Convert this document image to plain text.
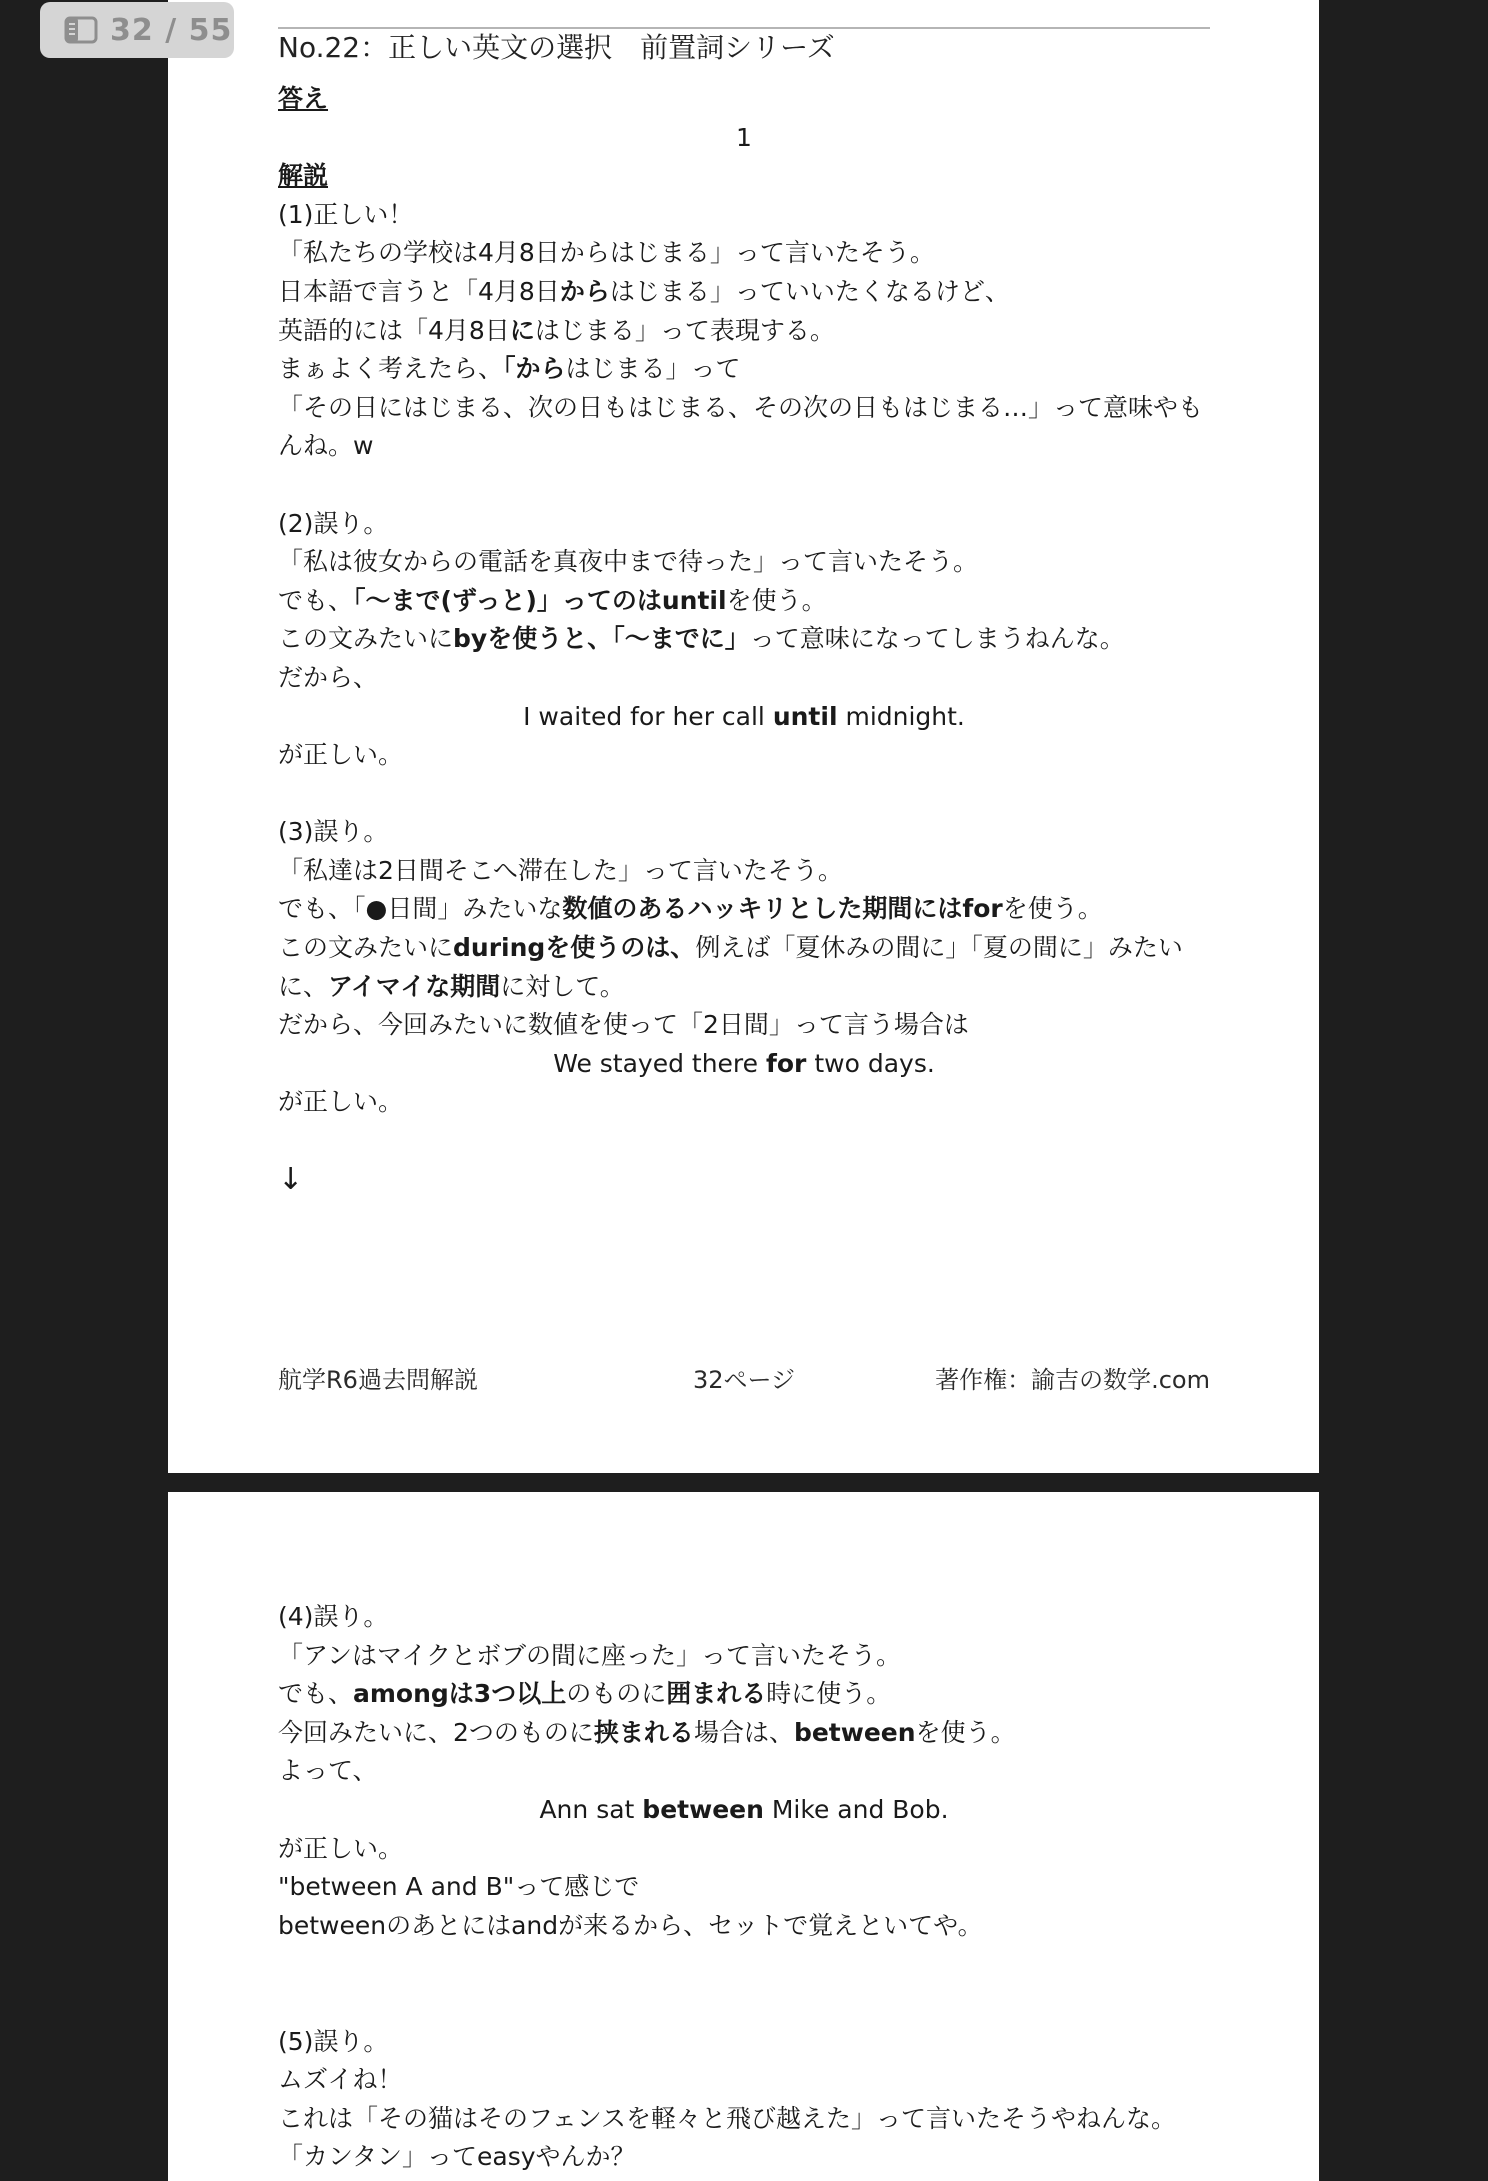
32 / 55 No.22：正しい英文の選択　前置詞シリーズ
答え
1
解説
(1)正しい！
「私たちの学校は4月8日からはじまる」って言いたそう。
日本語で言うと「4月8日からはじまる」っていいたくなるけど、
英語的には「4月8日にはじまる」って表現する。
まぁよく考えたら、「からはじまる」って
「その日にはじまる、次の日もはじまる、その次の日もはじまる…」って意味やも
んね。w
(2)誤り。
「私は彼女からの電話を真夜中まで待った」って言いたそう。
でも、「〜まで(ずっと)」ってのはuntilを使う。
この文みたいにbyを使うと、「〜までに」って意味になってしまうねんな。
だから、
I waited for her call until midnight.
が正しい。
(3)誤り。
「私達は2日間そこへ滞在した」って言いたそう。
でも、「●日間」みたいな数値のあるハッキリとした期間にはforを使う。
この文みたいにduringを使うのは、例えば「夏休みの間に」「夏の間に」みたい
に、アイマイな期間に対して。
だから、今回みたいに数値を使って「2日間」って言う場合は
We stayed there for two days.
が正しい。
↓
航学R6過去問解説	32ページ	著作権：諭吉の数学.com
(4)誤り。
「アンはマイクとボブの間に座った」って言いたそう。
でも、amongは3つ以上のものに囲まれる時に使う。
今回みたいに、2つのものに挟まれる場合は、betweenを使う。
よって、
Ann sat between Mike and Bob.
が正しい。
"between A and B"って感じで
betweenのあとにはandが来るから、セットで覚えといてや。
(5)誤り。
ムズイね！
これは「その猫はそのフェンスを軽々と飛び越えた」って言いたそうやねんな。
「カンタン」ってeasyやんか？
